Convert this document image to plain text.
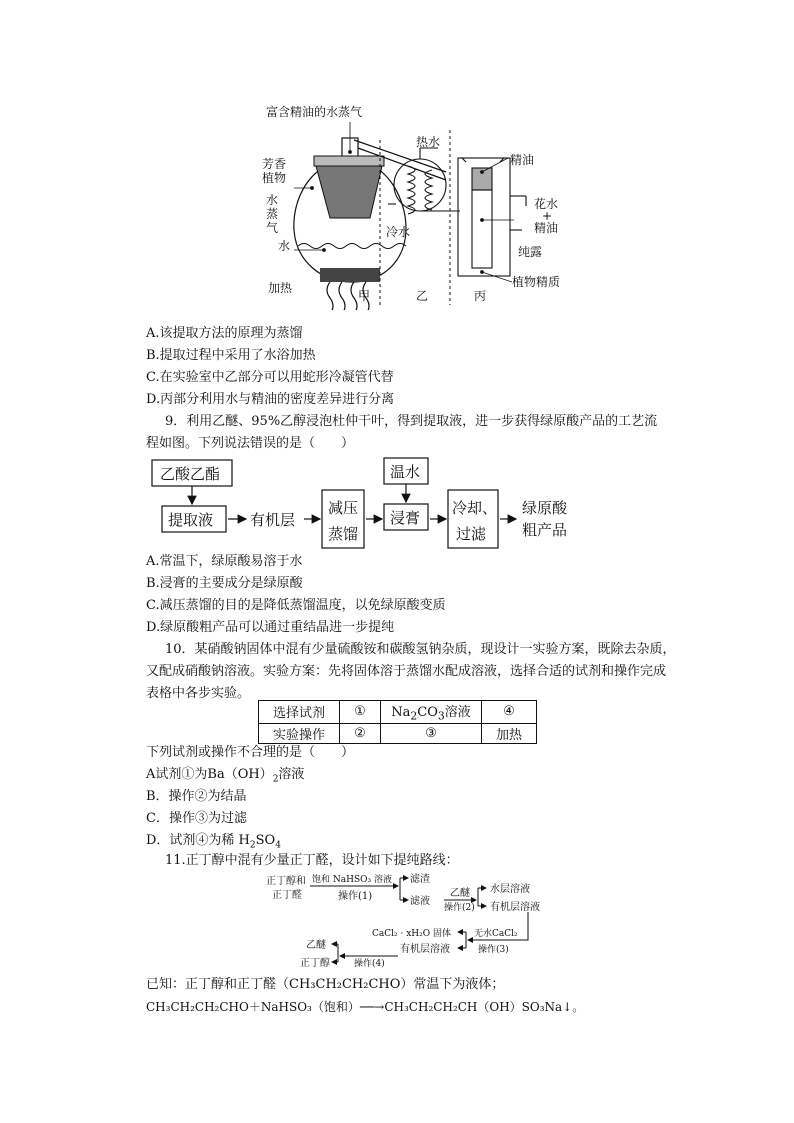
富含精油的水蒸气
芳香
植物
水
蒸
气
水
加热
甲
热水
冷水
乙	丙
精油
花水
+
精油
纯露
植物精质
A.该提取方法的原理为蒸馏
B.提取过程中采用了水浴加热
C.在实验室中乙部分可以用蛇形冷凝管代替
D.丙部分利用水与精油的密度差异进行分离
9．利用乙醚、95%乙醇浸泡杜仲干叶，得到提取液，进一步获得绿原酸产品的工艺流
程如图。下列说法错误的是（　　）
乙酸乙酯
提取液 有机层
减压
蒸馏
温水
浸膏
冷却、
过滤
绿原酸
粗产品
A.常温下，绿原酸易溶于水
B.浸膏的主要成分是绿原酸
C.减压蒸馏的目的是降低蒸馏温度，以免绿原酸变质
D.绿原酸粗产品可以通过重结晶进一步提纯
10．某硝酸钠固体中混有少量硫酸铵和碳酸氢钠杂质，现设计一实验方案，既除去杂质，
又配成硝酸钠溶液。实验方案：先将固体溶于蒸馏水配成溶液，选择合适的试剂和操作完成
表格中各步实验。
选择试剂	①	$Na_2CO_3$溶液	④
实验操作	②	③	加热
下列试剂或操作不合理的是（　　）
A试剂①为$Ba(OH)_2$溶液
B．操作②为结晶
C．操作③为过滤
D．试剂④为稀 $H_2SO_4$
11.正丁醇中混有少量正丁醛，设计如下提纯路线：
正丁醇和
正丁醛
饱和 NaHSO₃ 溶液
操作(1)
滤渣
滤液
乙醚
操作(2)
水层溶液
有机层溶液
无水CaCl₂
操作(3)
CaCl₂ · xH₂O 固体
有机层溶液
操作(4)
乙醚
正丁醇
已知：正丁醇和正丁醛（CH₃CH₂CH₂CHO）常温下为液体；
CH₃CH₂CH₂CHO＋NaHSO₃（饱和）──→CH₃CH₂CH₂CH（OH）SO₃Na↓。
